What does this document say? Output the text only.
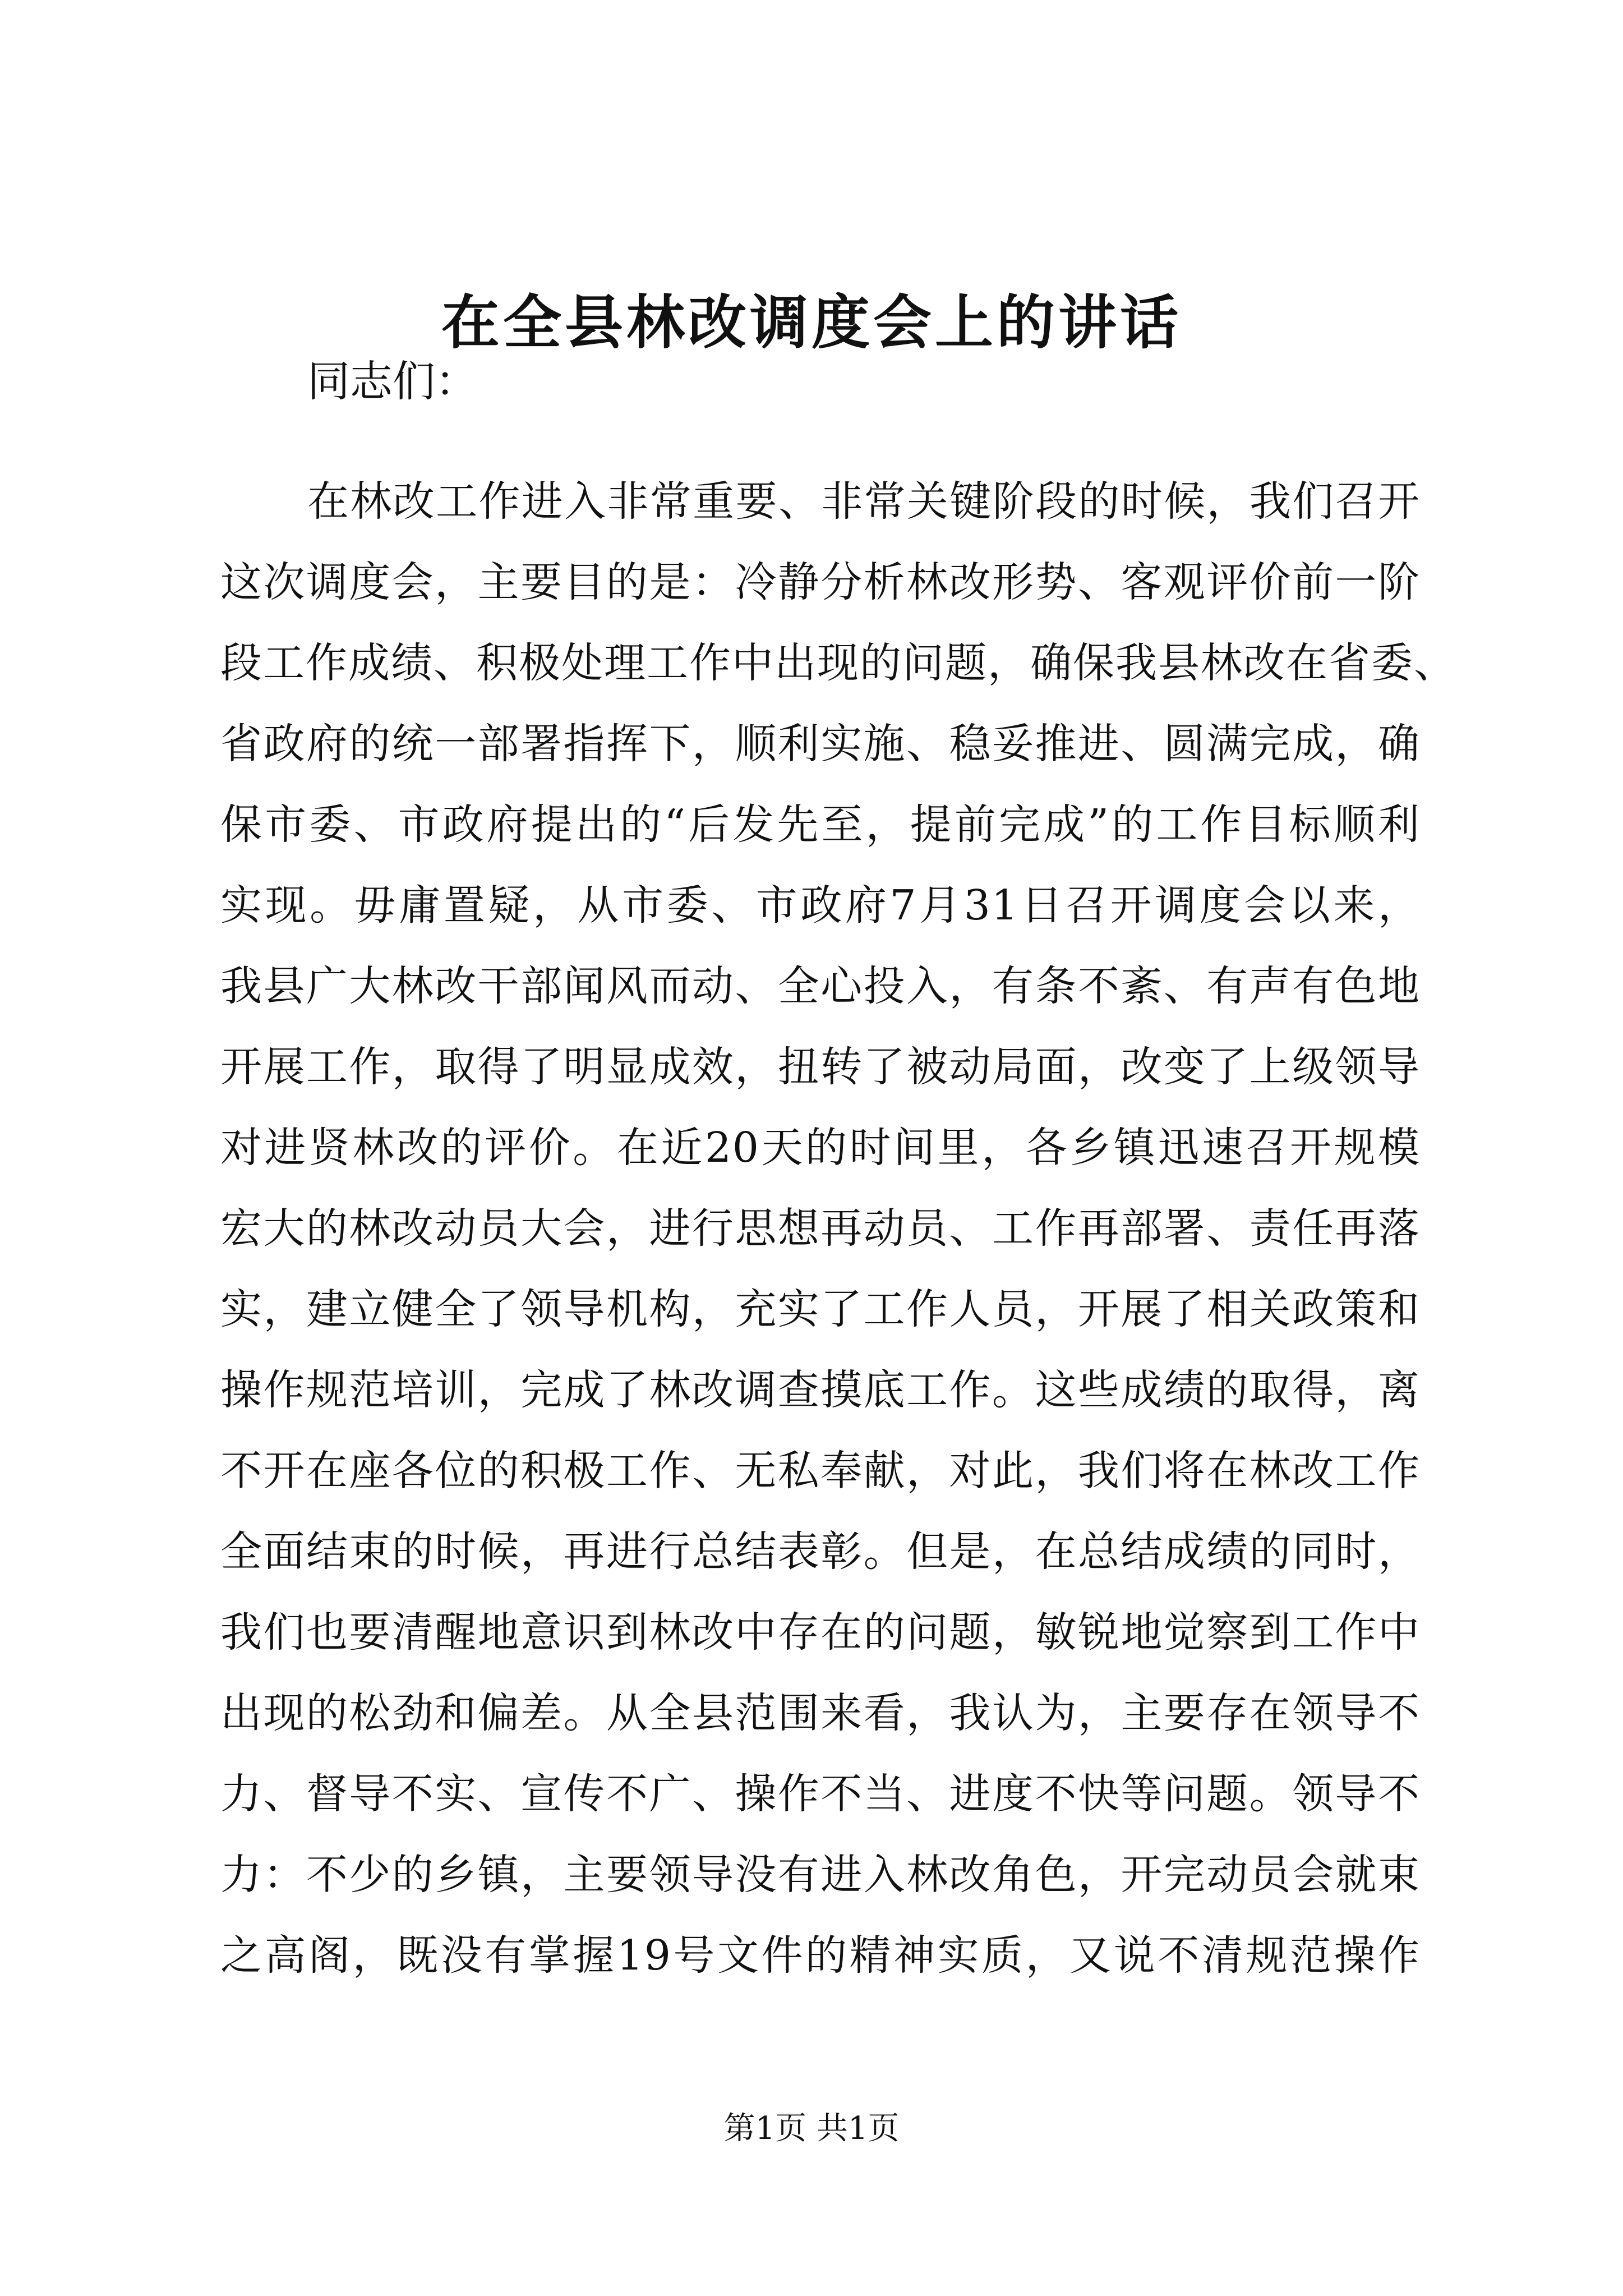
在全县林改调度会上的讲话

同志们：

在林改工作进入非常重要、非常关键阶段的时候，我们召开
这次调度会，主要目的是：冷静分析林改形势、客观评价前一阶
段工作成绩、积极处理工作中出现的问题，确保我县林改在省委、
省政府的统一部署指挥下，顺利实施、稳妥推进、圆满完成，确
保市委、市政府提出的“后发先至，提前完成”的工作目标顺利
实现。毋庸置疑，从市委、市政府7月31日召开调度会以来，
我县广大林改干部闻风而动、全心投入，有条不紊、有声有色地
开展工作，取得了明显成效，扭转了被动局面，改变了上级领导
对进贤林改的评价。在近20天的时间里，各乡镇迅速召开规模
宏大的林改动员大会，进行思想再动员、工作再部署、责任再落
实，建立健全了领导机构，充实了工作人员，开展了相关政策和
操作规范培训，完成了林改调查摸底工作。这些成绩的取得，离
不开在座各位的积极工作、无私奉献，对此，我们将在林改工作
全面结束的时候，再进行总结表彰。但是，在总结成绩的同时，
我们也要清醒地意识到林改中存在的问题，敏锐地觉察到工作中
出现的松劲和偏差。从全县范围来看，我认为，主要存在领导不
力、督导不实、宣传不广、操作不当、进度不快等问题。领导不
力：不少的乡镇，主要领导没有进入林改角色，开完动员会就束
之高阁，既没有掌握19号文件的精神实质，又说不清规范操作

第1页 共1页
